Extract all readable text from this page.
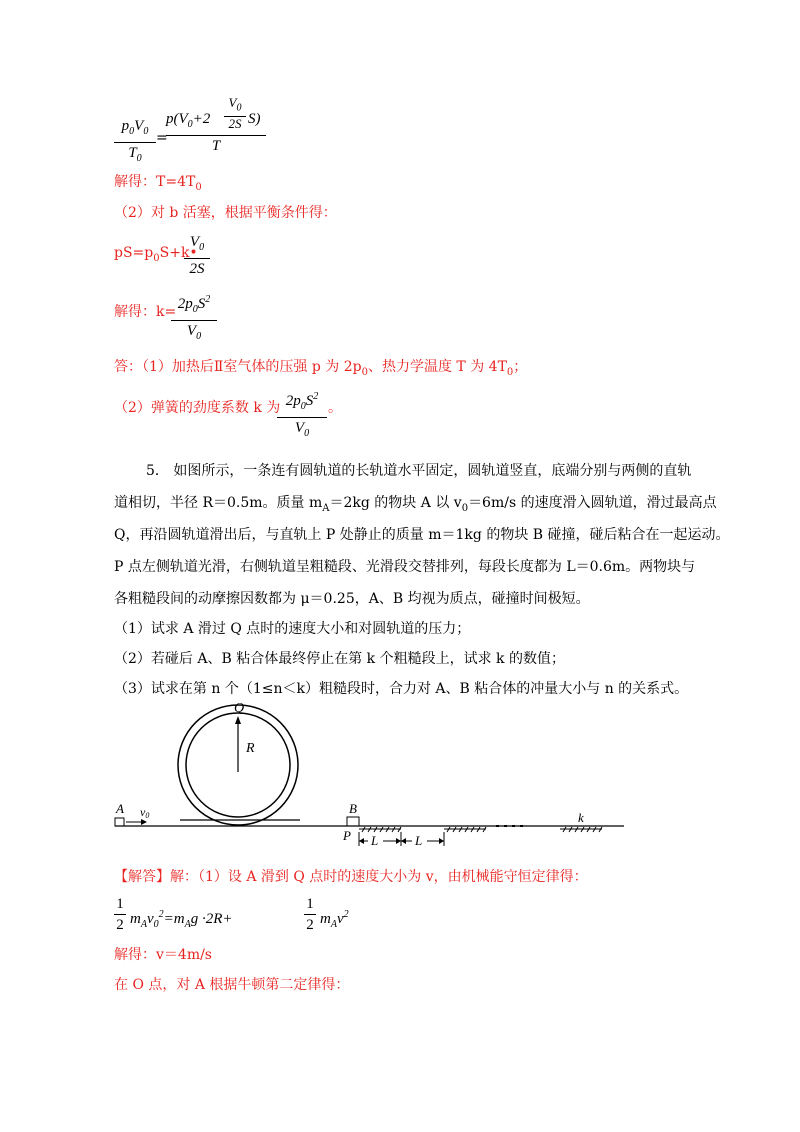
$p_0V_0$
$T_0$
=
$p(V_0+2$
$V_0$
2S S)
T
解得：$T=4T_0$
（2）对 b 活塞，根据平衡条件得：
$pS=p_0S+k•$
$V_0$
2S
解得：$k= 2p_0S^2$
$V_0$
答：（1）加热后Ⅱ室气体的压强 p 为 $2p_0$、热力学温度 T 为 $4T_0$；
（2）弹簧的劲度系数 k 为 $2p_0S^2$
$V_0$
。
5． 如图所示，一条连有圆轨道的长轨道水平固定，圆轨道竖直，底端分别与两侧的直轨
道相切，半径 R＝0.5m。质量 $m_A=2kg$ 的物块 A 以 $v_0=6m/s$ 的速度滑入圆轨道，滑过最高点
Q，再沿圆轨道滑出后，与直轨上 P 处静止的质量 m＝1kg 的物块 B 碰撞，碰后粘合在一起运动。
P 点左侧轨道光滑，右侧轨道呈粗糙段、光滑段交替排列，每段长度都为 L＝0.6m。两物块与
各粗糙段间的动摩擦因数都为 μ＝0.25，A、B 均视为质点，碰撞时间极短。
（1）试求 A 滑过 Q 点时的速度大小和对圆轨道的压力；
（2）若碰后 A、B 粘合体最终停止在第 k 个粗糙段上，试求 k 的数值；
（3）试求在第 n 个（1≤n＜k）粗糙段时，合力对 A、B 粘合体的冲量大小与 n 的关系式。
Q
R
A v0	B
P
k
L	L
【解答】解：（1）设 A 滑到 Q 点时的速度大小为 v，由机械能守恒定律得：
1
2 $m_Av_0^2=m_Ag \cdot 2R+$
1
2 $m_Av^2$
解得：v＝4m/s
在 O 点，对 A 根据牛顿第二定律得：
